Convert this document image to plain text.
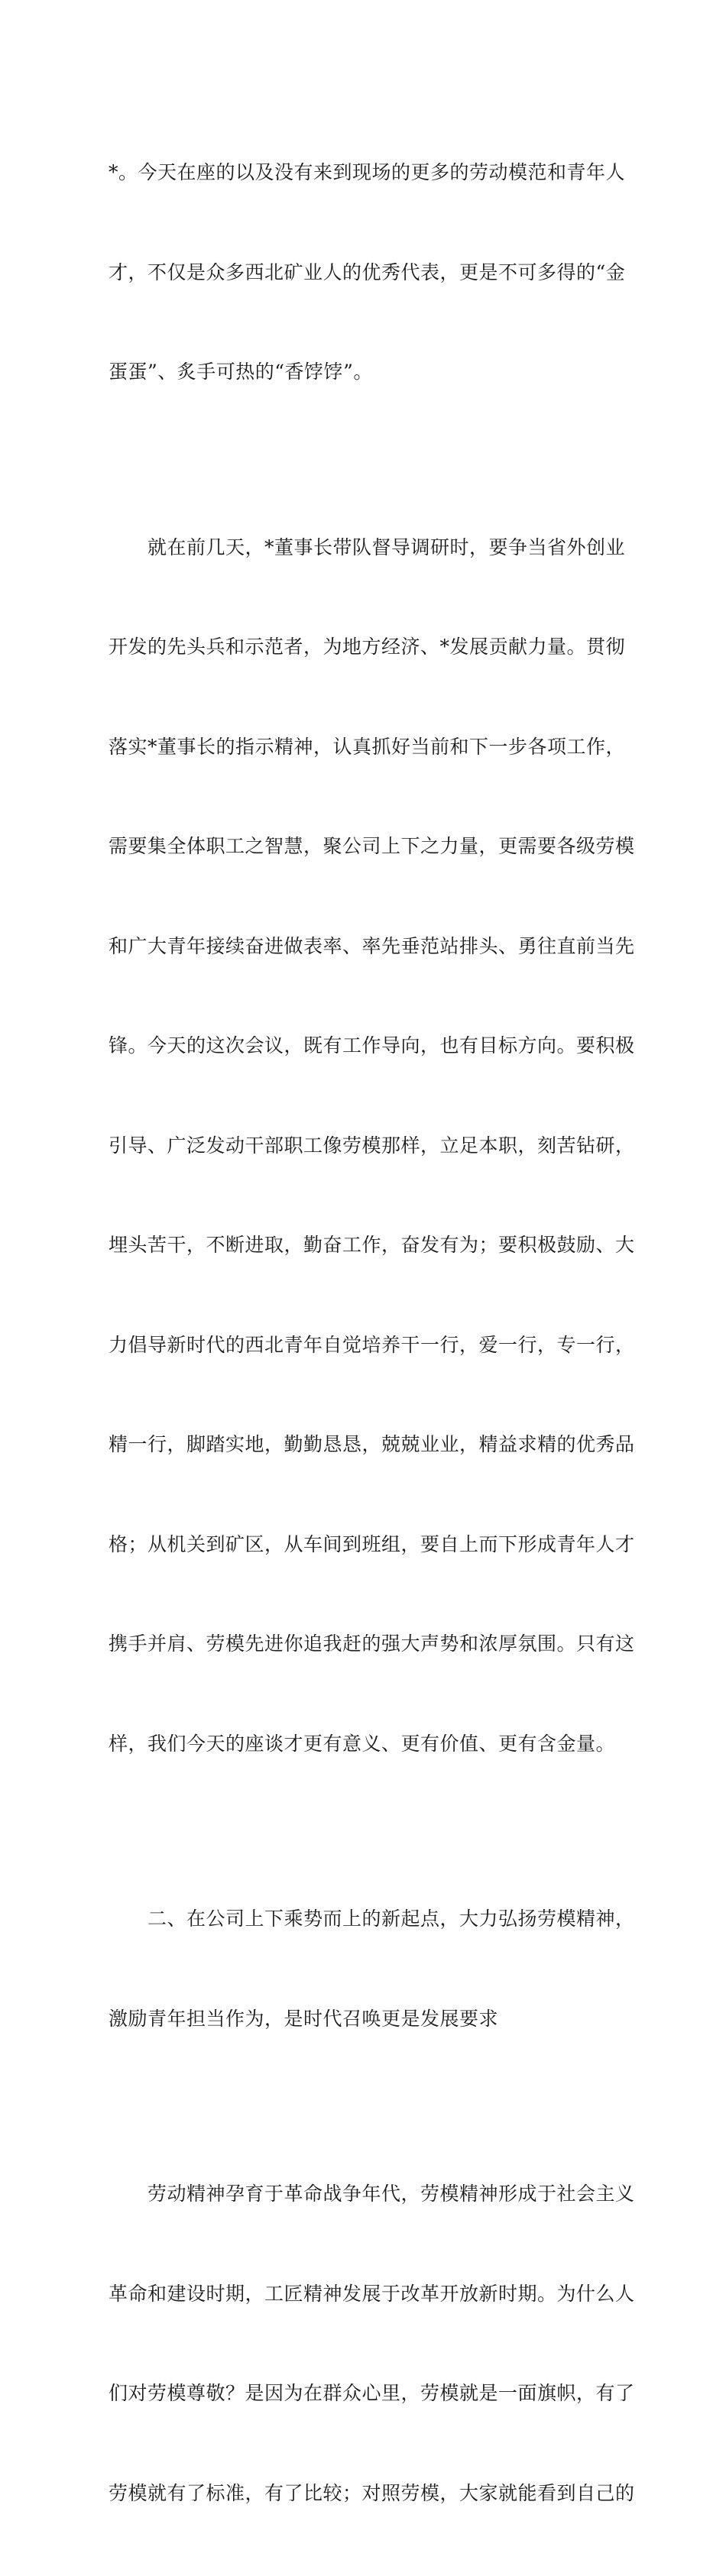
*。今天在座的以及没有来到现场的更多的劳动模范和青年人

才，不仅是众多西北矿业人的优秀代表，更是不可多得的“金

蛋蛋”、炙手可热的“香饽饽”。

　　就在前几天，*董事长带队督导调研时，要争当省外创业

开发的先头兵和示范者，为地方经济、*发展贡献力量。贯彻

落实*董事长的指示精神，认真抓好当前和下一步各项工作，

需要集全体职工之智慧，聚公司上下之力量，更需要各级劳模

和广大青年接续奋进做表率、率先垂范站排头、勇往直前当先

锋。今天的这次会议，既有工作导向，也有目标方向。要积极

引导、广泛发动干部职工像劳模那样，立足本职，刻苦钻研，

埋头苦干，不断进取，勤奋工作，奋发有为；要积极鼓励、大

力倡导新时代的西北青年自觉培养干一行，爱一行，专一行，

精一行，脚踏实地，勤勤恳恳，兢兢业业，精益求精的优秀品

格；从机关到矿区，从车间到班组，要自上而下形成青年人才

携手并肩、劳模先进你追我赶的强大声势和浓厚氛围。只有这

样，我们今天的座谈才更有意义、更有价值、更有含金量。

　　二、在公司上下乘势而上的新起点，大力弘扬劳模精神，

激励青年担当作为，是时代召唤更是发展要求

　　劳动精神孕育于革命战争年代，劳模精神形成于社会主义

革命和建设时期，工匠精神发展于改革开放新时期。为什么人

们对劳模尊敬？是因为在群众心里，劳模就是一面旗帜，有了

劳模就有了标准，有了比较；对照劳模，大家就能看到自己的
